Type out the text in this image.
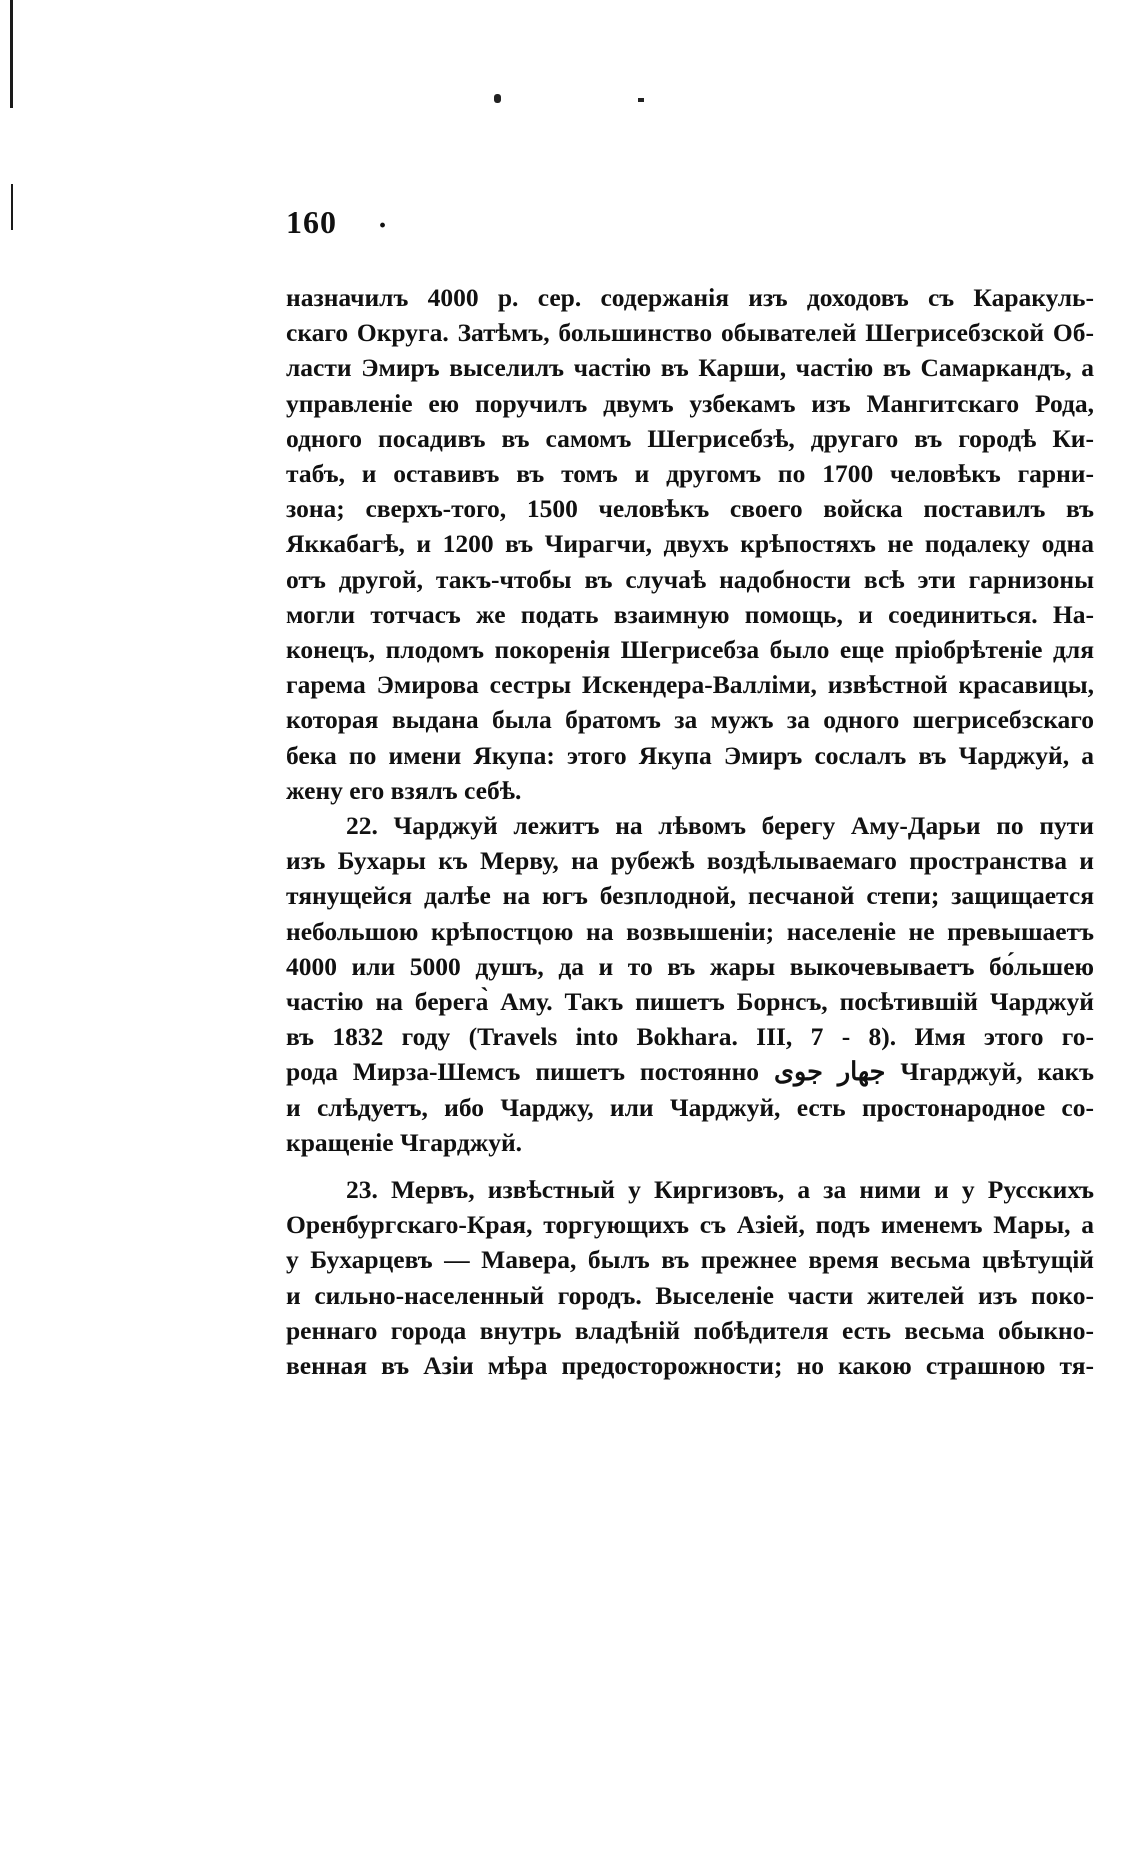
160 .
назначилъ 4000 р. сер. содержанія изъ доходовъ съ Каракуль-
скаго Округа. Затѣмъ, большинство обывателей Шегрисебзской Об-
ласти Эмиръ выселилъ частію въ Карши, частію въ Самаркандъ, а
управленіе ею поручилъ двумъ узбекамъ изъ Мангитскаго Рода,
одного посадивъ въ самомъ Шегрисебзѣ, другаго въ городѣ Ки-
табъ, и оставивъ въ томъ и другомъ по 1700 человѣкъ гарни-
зона; сверхъ-того, 1500 человѣкъ своего войска поставилъ въ
Яккабагѣ, и 1200 въ Чирагчи, двухъ крѣпостяхъ не подалеку одна
отъ другой, такъ-чтобы въ случаѣ надобности всѣ эти гарнизоны
могли тотчасъ же подать взаимную помощь, и соединиться. На-
конецъ, плодомъ покоренія Шегрисебза было еще пріобрѣтеніе для
гарема Эмирова сестры Искендера-Валліми, извѣстной красавицы,
которая выдана была братомъ за мужъ за одного шегрисебзскаго
бека по имени Якупа: этого Якупа Эмиръ сослалъ въ Чарджуй, а
жену его взялъ себѣ.
22. Чарджуй лежитъ на лѣвомъ берегу Аму-Дарьи по пути
изъ Бухары къ Мерву, на рубежѣ воздѣлываемаго пространства и
тянущейся далѣе на югъ безплодной, песчаной степи; защищается
небольшою крѣпостцою на возвышеніи; населеніе не превышаетъ
4000 или 5000 душъ, да и то въ жары выкочевываетъ бо́льшею
частію на берега̀ Аму. Такъ пишетъ Борнсъ, посѣтившій Чарджуй
въ 1832 году (Travels into Bokhara. III, 7 - 8). Имя этого го-
рода Мирза-Шемсъ пишетъ постоянно جهار جوی Чгарджуй, какъ
и слѣдуетъ, ибо Чарджу, или Чарджуй, есть простонародное со-
кращеніе Чгарджуй.
23. Мервъ, извѣстный у Киргизовъ, а за ними и у Русскихъ
Оренбургскаго-Края, торгующихъ съ Азіей, подъ именемъ Мары, а
у Бухарцевъ — Маверa, былъ въ прежнее время весьма цвѣтущій
и сильно-населенный городъ. Выселеніе части жителей изъ поко-
реннаго города внутрь владѣній побѣдителя есть весьма обыкно-
венная въ Азіи мѣра предосторожности; но какою страшною тя-
